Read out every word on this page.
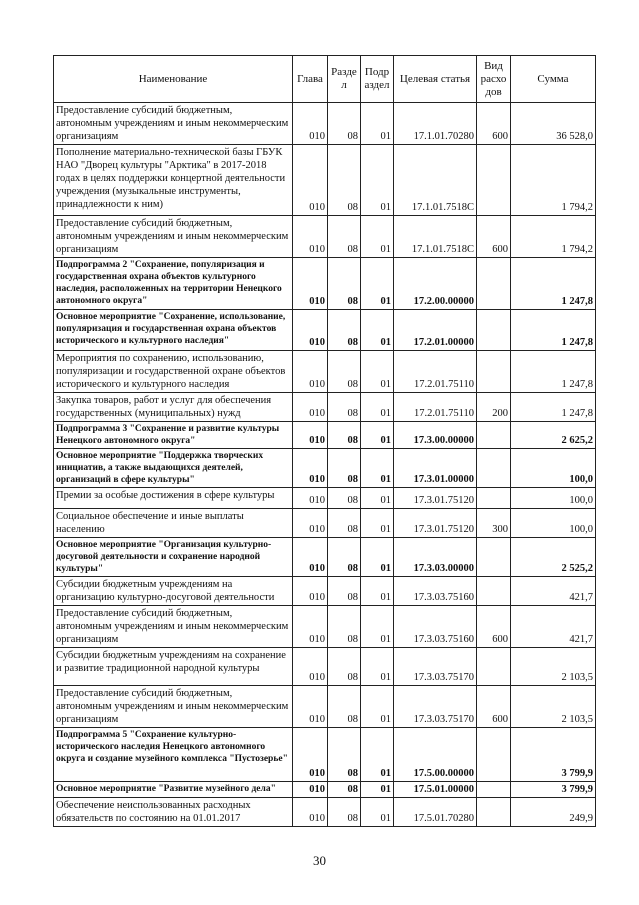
Наименование	Глава	Разде л	Подр аздел	Целевая статья	Вид расхо дов	Сумма
Предоставление субсидий бюджетным, автономным учреждениям и иным некоммерческим организациям	010	08	01	17.1.01.70280	600	36 528,0
Пополнение материально-технической базы ГБУК НАО "Дворец культуры "Арктика" в 2017-2018 годах в целях поддержки концертной деятельности учреждения (музыкальные инструменты, принадлежности к ним)	010	08	01	17.1.01.7518С		1 794,2
Предоставление субсидий бюджетным, автономным учреждениям и иным некоммерческим организациям	010	08	01	17.1.01.7518С	600	1 794,2
Подпрограмма 2 "Сохранение, популяризация и государственная охрана объектов культурного наследия, расположенных на территории Ненецкого автономного округа"	010	08	01	17.2.00.00000		1 247,8
Основное мероприятие "Сохранение, использование, популяризация и государственная охрана объектов исторического и культурного наследия"	010	08	01	17.2.01.00000		1 247,8
Мероприятия по сохранению, использованию, популяризации и государственной охране объектов исторического и культурного наследия	010	08	01	17.2.01.75110		1 247,8
Закупка товаров, работ и услуг для обеспечения государственных (муниципальных) нужд	010	08	01	17.2.01.75110	200	1 247,8
Подпрограмма 3 "Сохранение и развитие культуры Ненецкого автономного округа"	010	08	01	17.3.00.00000		2 625,2
Основное мероприятие "Поддержка творческих инициатив, а также выдающихся деятелей, организаций в сфере культуры"	010	08	01	17.3.01.00000		100,0
Премии за особые достижения в сфере культуры	010	08	01	17.3.01.75120		100,0
Социальное обеспечение и иные выплаты населению	010	08	01	17.3.01.75120	300	100,0
Основное мероприятие "Организация культурно-досуговой деятельности и сохранение народной культуры"	010	08	01	17.3.03.00000		2 525,2
Субсидии бюджетным учреждениям на организацию культурно-досуговой деятельности	010	08	01	17.3.03.75160		421,7
Предоставление субсидий бюджетным, автономным учреждениям и иным некоммерческим организациям	010	08	01	17.3.03.75160	600	421,7
Субсидии бюджетным учреждениям на сохранение и развитие традиционной народной культуры	010	08	01	17.3.03.75170		2 103,5
Предоставление субсидий бюджетным, автономным учреждениям и иным некоммерческим организациям	010	08	01	17.3.03.75170	600	2 103,5
Подпрограмма 5 "Сохранение культурно-исторического наследия Ненецкого автономного округа и создание музейного комплекса "Пустозерье"	010	08	01	17.5.00.00000		3 799,9
Основное мероприятие "Развитие музейного дела"	010	08	01	17.5.01.00000		3 799,9
Обеспечение неиспользованных расходных обязательств по состоянию на 01.01.2017	010	08	01	17.5.01.70280		249,9
30
